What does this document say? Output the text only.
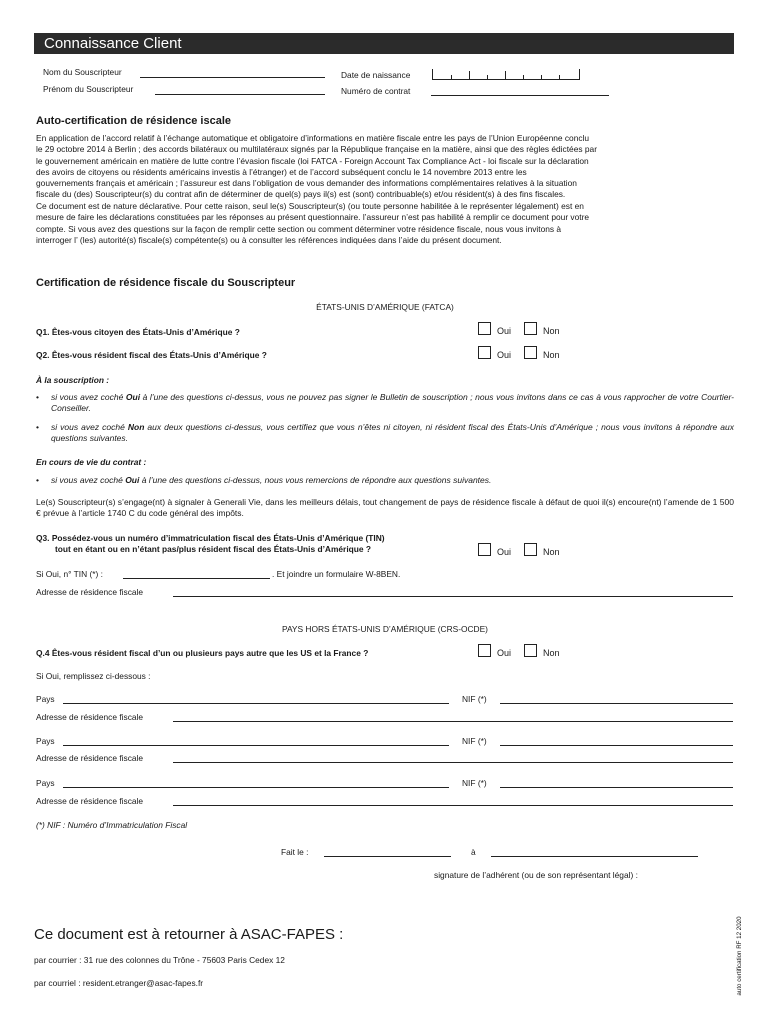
Connaissance Client
Nom du Souscripteur
Prénom du Souscripteur
Date de naissance
Numéro de contrat
Auto-certification de résidence iscale
En application de l’accord relatif à l’échange automatique et obligatoire d’informations en matière fiscale entre les pays de l’Union Européenne conclu
le 29 octobre 2014 à Berlin ; des accords bilatéraux ou multilatéraux signés par la République française en la matière, ainsi que des règles édictées par
le gouvernement américain en matière de lutte contre l’évasion fiscale (loi FATCA - Foreign Account Tax Compliance Act - loi fiscale sur la déclaration
des avoirs de citoyens ou résidents américains investis à l’étranger) et de l’accord subséquent conclu le 14 novembre 2013 entre les
gouvernements français et américain ; l’assureur est dans l’obligation de vous demander des informations complémentaires relatives à la situation
fiscale du (des) Souscripteur(s) du contrat afin de déterminer de quel(s) pays il(s) est (sont) contribuable(s) et/ou résident(s) à des fins fiscales.
Ce document est de nature déclarative. Pour cette raison, seul le(s) Souscripteur(s) (ou toute personne habilitée à le représenter légalement) est en
mesure de faire les déclarations constituées par les réponses au présent questionnaire. l’assureur n’est pas habilité à remplir ce document pour votre
compte. Si vous avez des questions sur la façon de remplir cette section ou comment déterminer votre résidence fiscale, nous vous invitons à
interroger l’ (les) autorité(s) fiscale(s) compétente(s) ou à consulter les références indiquées dans l’aide du présent document.
Certification de résidence fiscale du Souscripteur
ÉTATS-UNIS D’AMÉRIQUE (FATCA)
Q1. Êtes-vous citoyen des États-Unis d’Amérique ?	Oui	Non
Q2. Êtes-vous résident fiscal des États-Unis d’Amérique ?	Oui	Non
À la souscription :
• si vous avez coché Oui à l’une des questions ci-dessus, vous ne pouvez pas signer le Bulletin de souscription ; nous vous invitons dans ce cas à vous rapprocher de votre Courtier-Conseiller.
• si vous avez coché Non aux deux questions ci-dessus, vous certifiez que vous n’êtes ni citoyen, ni résident fiscal des États-Unis d’Amérique ; nous vous invitons à répondre aux questions suivantes.
En cours de vie du contrat :
• si vous avez coché Oui à l’une des questions ci-dessus, nous vous remercions de répondre aux questions suivantes.
Le(s) Souscripteur(s) s’engage(nt) à signaler à Generali Vie, dans les meilleurs délais, tout changement de pays de résidence fiscale à défaut de quoi il(s) encoure(nt) l’amende de 1 500 € prévue à l’article 1740 C du code général des impôts.
Q3. Possédez-vous un numéro d’immatriculation fiscal des États-Unis d’Amérique (TIN)
tout en étant ou en n’étant pas/plus résident fiscal des États-Unis d’Amérique ?	Oui	Non
Si Oui, n° TIN (*) :	. Et joindre un formulaire W-8BEN.
Adresse de résidence fiscale
PAYS HORS ÉTATS-UNIS D’AMÉRIQUE (CRS-OCDE)
Q.4 Êtes-vous résident fiscal d’un ou plusieurs pays autre que les US et la France ?	Oui	Non
Si Oui, remplissez ci-dessous :
Pays	NIF (*)
Adresse de résidence fiscale
Pays	NIF (*)
Adresse de résidence fiscale
Pays	NIF (*)
Adresse de résidence fiscale
(*) NIF : Numéro d’Immatriculation Fiscal
Fait le :	à
signature de l’adhérent (ou de son représentant légal) :
Ce document est à retourner à ASAC-FAPES :
par courrier : 31 rue des colonnes du Trône - 75603 Paris Cedex 12
par courriel : resident.etranger@asac-fapes.fr	auto certification RF 12 2020
